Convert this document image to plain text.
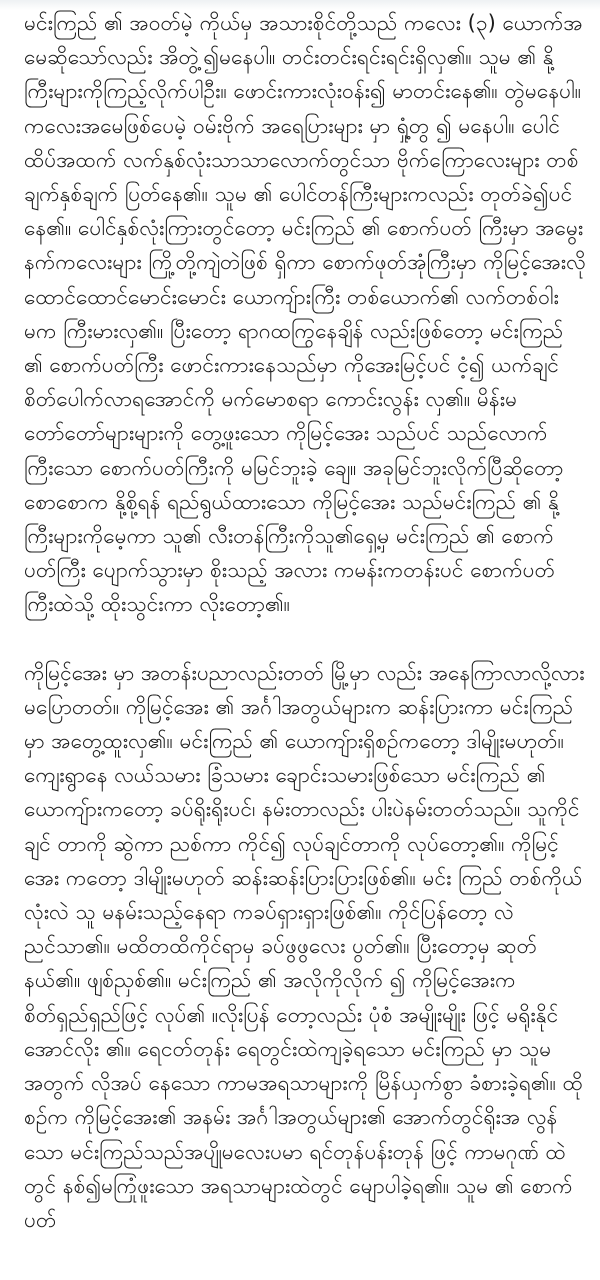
မင်းကြည် ၏ အဝတ်မဲ့ ကိုယ်မှ အသားစိုင်တို့သည် ကလေး (၃) ယောက်အမေဆိုသော်လည်း အိတွဲ့၍မနေပါ။ တင်းတင်းရင်းရင်းရှိလှ၏။ သူမ ၏ နို့ ကြီးများကိုကြည့်လိုက်ပါဦး။ ဖောင်းကားလုံးဝန်း၍ မာတင်းနေ၏။ တွဲမနေပါ။ ကလေးအမေဖြစ်ပေမဲ့ ဝမ်းဗိုက် အရေပြားများ မှာ ရှုံ့တွ ၍ မနေပါ။ ပေါင်ထိပ်အထက် လက်နှစ်လုံးသာသာလောက်တွင်သာ ဗိုက်ကြောလေးများ တစ်ချက်နှစ်ချက် ပြတ်နေ၏။ သူမ ၏ ပေါင်တန်ကြီးများကလည်း တုတ်ခဲ၍ပင် နေ၏။ ပေါင်နှစ်လုံးကြားတွင်တော့ မင်းကြည် ၏ စောက်ပတ် ကြီးမှာ အမွေးနက်ကလေးများ ကြို့တို့ကျဲတဲဖြစ် ရှိကာ စောက်ဖုတ်အုံကြီးမှာ ကိုမြင့်အေးလိုထောင်ထောင်မောင်းမောင်း ယောကျ်ားကြီး တစ်ယောက်၏ လက်တစ်ဝါးမက ကြီးမားလှ၏။ ပြီးတော့ ရာဂထကြွနေချိန် လည်းဖြစ်တော့ မင်းကြည် ၏ စောက်ပတ်ကြီး ဖောင်းကားနေသည်မှာ ကိုအေးမြင့်ပင် ငံ့၍ ယက်ချင်စိတ်ပေါက်လာရအောင်ကို မက်မောစရာ ကောင်းလွန်း လှ၏။ မိန်းမတော်တော်များများကို တွေ့ဖူးသော ကိုမြင့်အေး သည်ပင် သည်လောက်ကြီးသော စောက်ပတ်ကြီးကို မမြင်ဘူးခဲ့ ချေ။ အခုမြင်ဘူးလိုက်ပြီဆိုတော့ စောစောက နို့စို့ရန် ရည်ရွယ်ထားသော ကိုမြင့်အေး သည်မင်းကြည် ၏ နို့ကြီးများကိုမေ့ကာ သူ၏ လီးတန်ကြီးကိုသူ၏ရှေ့မှ မင်းကြည် ၏ စောက်ပတ်ကြီး ပျောက်သွားမှာ စိုးသည့် အလား ကမန်းကတန်းပင် စောက်ပတ် ကြီးထဲသို့ ထိုးသွင်းကာ လိုးတော့၏။

ကိုမြင့်အေး မှာ အတန်းပညာလည်းတတ် မြို့မှာ လည်း အနေကြာလာလို့လားမပြောတတ်။ ကိုမြင့်အေး ၏ အင်္ဂါအတွယ်များက ဆန်းပြားကာ မင်းကြည်မှာ အတွေ့ထူးလှ၏။ မင်းကြည် ၏ ယောကျ်ားရှိစဉ်ကတော့ ဒါမျိုးမဟုတ်။ ကျေးရွာနေ လယ်သမား ခြံသမား ချောင်းသမားဖြစ်သော မင်းကြည် ၏ ယောကျ်ားကတော့ ခပ်ရိုးရိုးပင်၊ နမ်းတာလည်း ပါးပဲနမ်းတတ်သည်။ သူကိုင်ချင် တာကို ဆွဲကာ ညစ်ကာ ကိုင်၍ လုပ်ချင်တာကို လုပ်တော့၏။ ကိုမြင့်အေး ကတော့ ဒါမျိုးမဟုတ် ဆန်းဆန်းပြားပြားဖြစ်၏။ မင်း ကြည် တစ်ကိုယ်လုံးလဲ သူ မနမ်းသည့်နေရာ ကခပ်ရှားရှားဖြစ်၏။ ကိုင်ပြန်တော့ လဲ ညင်သာ၏။ မထိတထိကိုင်ရာမှ ခပ်ဖွဖွလေး ပွတ်၏။ ပြီးတော့မှ ဆုတ်နယ်၏။ ဖျစ်ညှစ်၏။ မင်းကြည် ၏ အလိုကိုလိုက် ၍ ကိုမြင့်အေးက စိတ်ရှည်ရှည်ဖြင့် လုပ်၏ ။လိုးပြန် တော့လည်း ပုံစံ အမျိုးမျိုး ဖြင့် မရိုးနိုင်အောင်လိုး ၏။ ရေငတ်တုန်း ရေတွင်းထဲကျခဲ့ရသော မင်းကြည် မှာ သူမအတွက် လိုအပ် နေသော ကာမအရသာများကို မြိန်ယှက်စွာ ခံစားခဲ့ရ၏။ ထိုစဉ်က ကိုမြင့်အေး၏ အနမ်း အင်္ဂါအတွယ်များ၏ အောက်တွင်ရိုးအ လွန်သော မင်းကြည်သည်အပျိုမလေးပမာ ရင်တုန်ပန်းတုန် ဖြင့် ကာမဂုဏ် ထဲတွင် နစ်၍မကြုံဖူးသော အရသာများထဲတွင် မျောပါခဲ့ရ၏။ သူမ ၏ စောက်ပတ်
